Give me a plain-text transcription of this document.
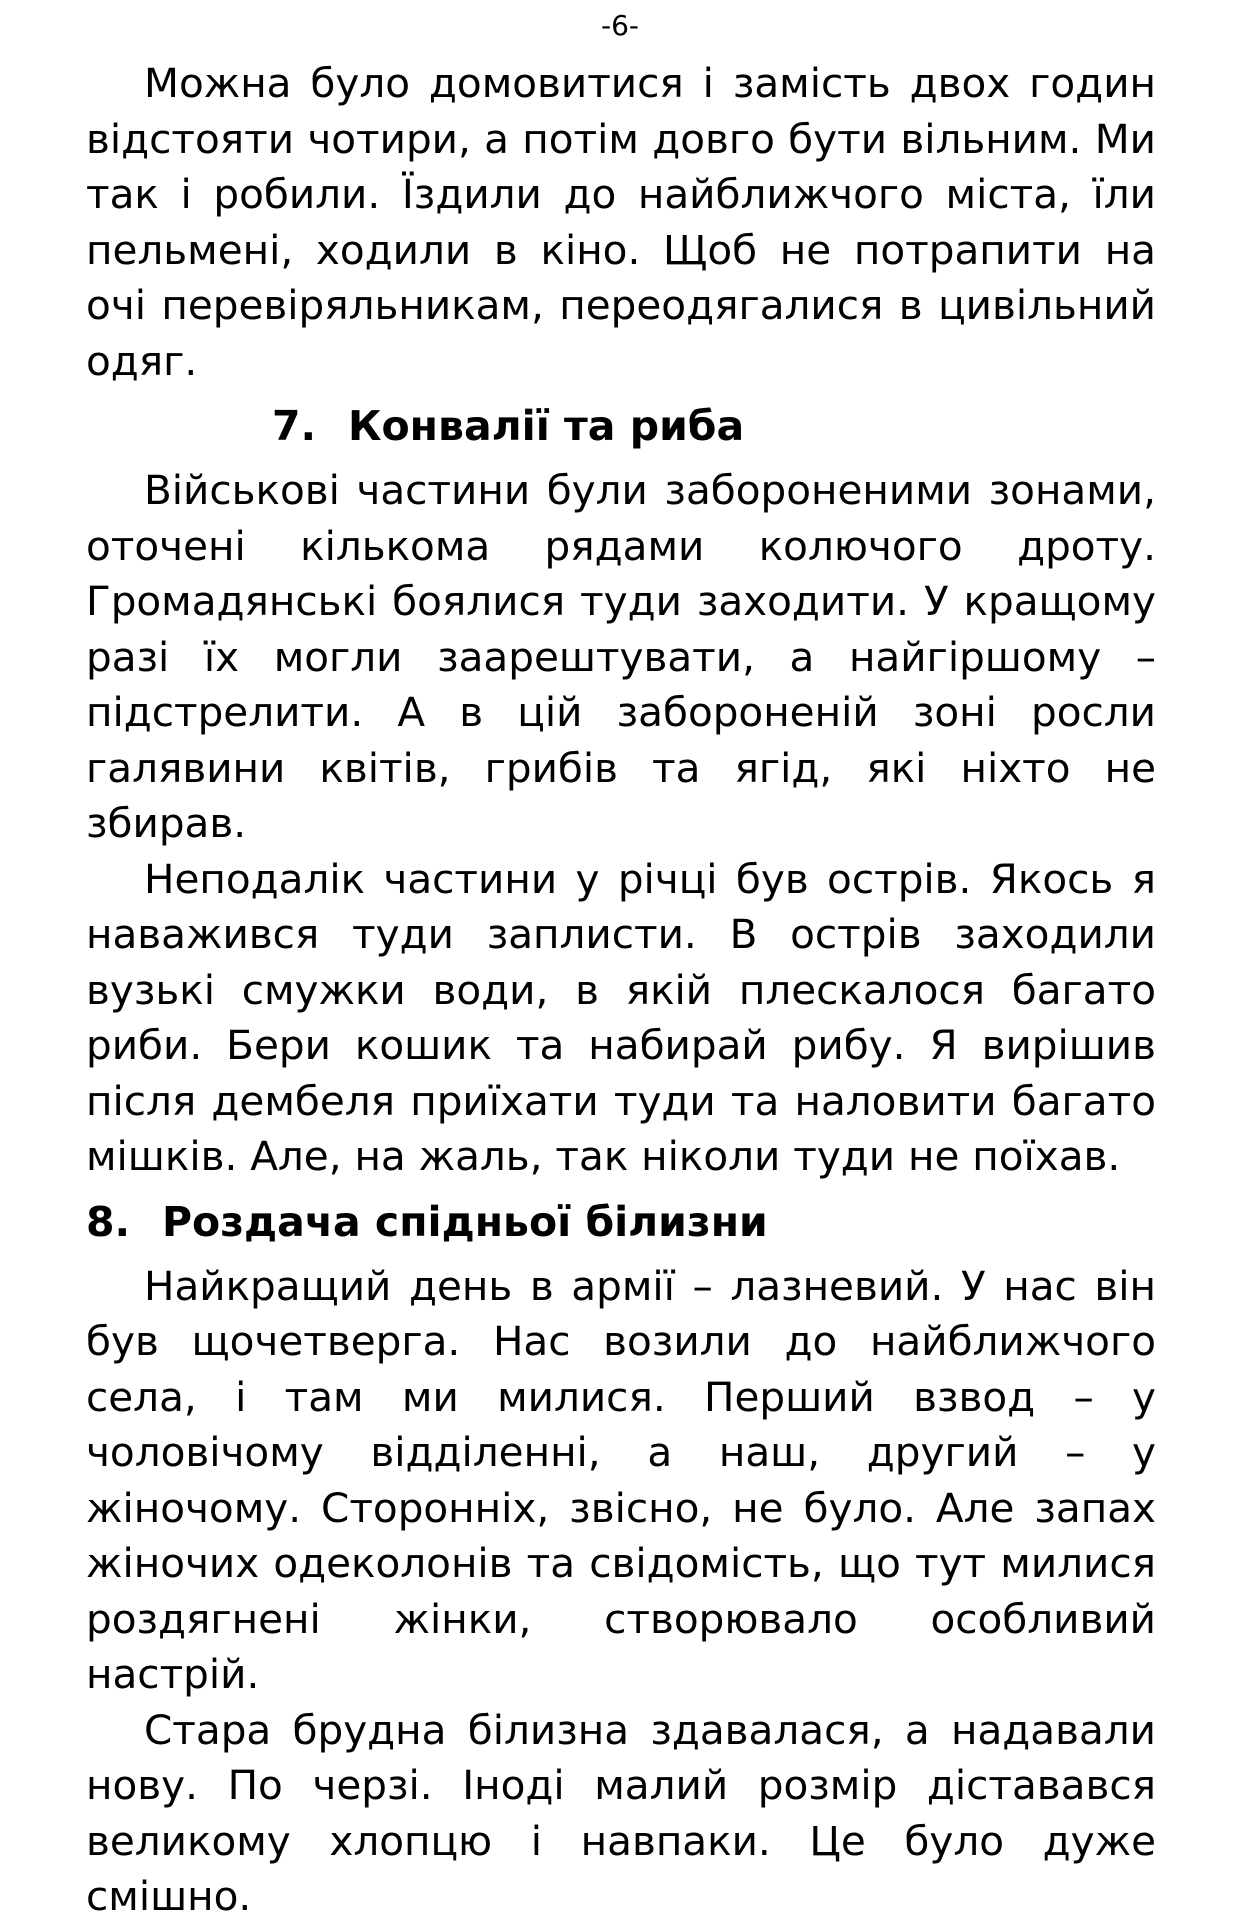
-6-

Можна було домовитися і замість двох годин відстояти чотири, а потім довго бути вільним. Ми так і робили. Їздили до найближчого міста, їли пельмені, ходили в кіно. Щоб не потрапити на очі перевіряльникам, переодягалися в цивільний одяг.

7. Конвалії та риба

Військові частини були забороненими зонами, оточені кількома рядами колючого дроту. Громадянські боялися туди заходити. У кращому разі їх могли заарештувати, а найгіршому – підстрелити. А в цій забороненій зоні росли галявини квітів, грибів та ягід, які ніхто не збирав.

Неподалік частини у річці був острів. Якось я наважився туди заплисти. В острів заходили вузькі смужки води, в якій плескалося багато риби. Бери кошик та набирай рибу. Я вирішив після дембеля приїхати туди та наловити багато мішків. Але, на жаль, так ніколи туди не поїхав.

8. Роздача спідньої білизни

Найкращий день в армії – лазневий. У нас він був щочетверга. Нас возили до найближчого села, і там ми милися. Перший взвод – у чоловічому відділенні, а наш, другий – у жіночому. Сторонніх, звісно, не було. Але запах жіночих одеколонів та свідомість, що тут милися роздягнені жінки, створювало особливий настрій.

Стара брудна білизна здавалася, а надавали нову. По черзі. Іноді малий розмір діставався великому хлопцю і навпаки. Це було дуже смішно.
